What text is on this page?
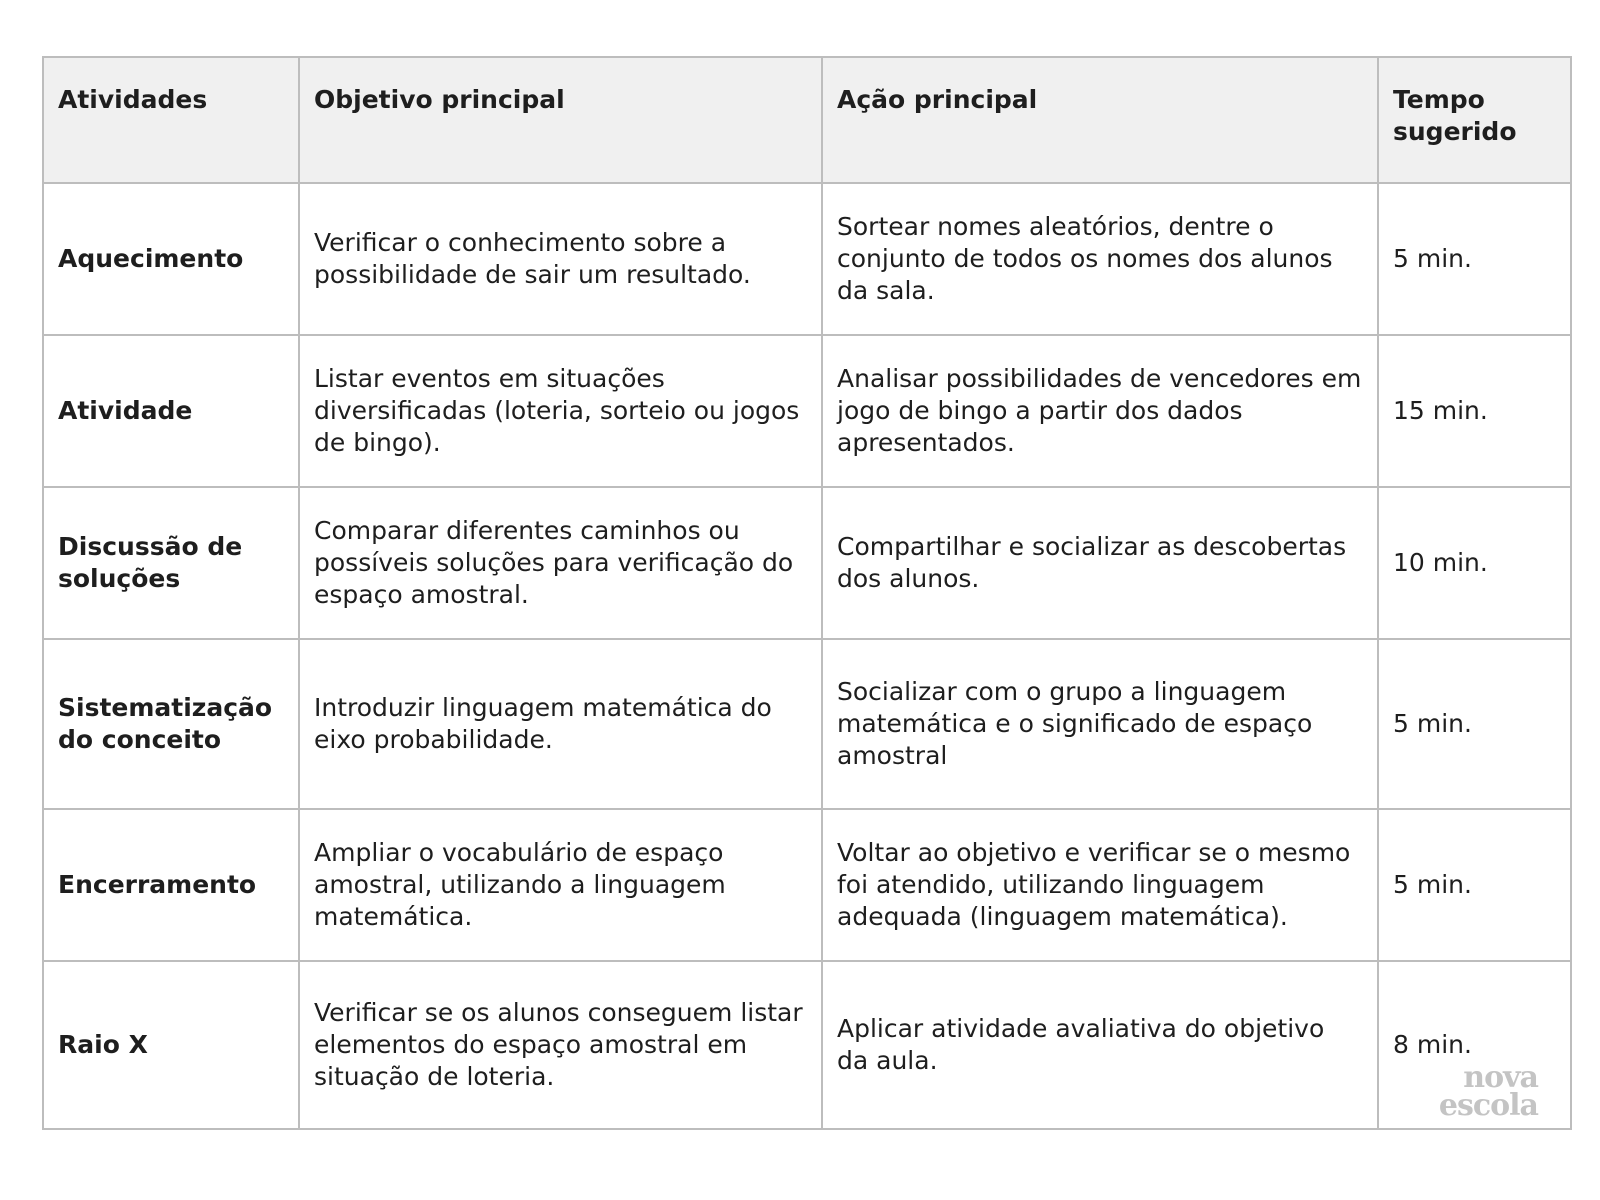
Atividades	Objetivo principal	Ação principal	Tempo sugerido
Aquecimento	Verificar o conhecimento sobre a possibilidade de sair um resultado.	Sortear nomes aleatórios, dentre o conjunto de todos os nomes dos alunos da sala.	5 min.
Atividade	Listar eventos em situações diversificadas (loteria, sorteio ou jogos de bingo).	Analisar possibilidades de vencedores em jogo de bingo a partir dos dados apresentados.	15 min.
Discussão de soluções	Comparar diferentes caminhos ou possíveis soluções para verificação do espaço amostral.	Compartilhar e socializar as descobertas dos alunos.	10 min.
Sistematização do conceito	Introduzir linguagem matemática do eixo probabilidade.	Socializar com o grupo a linguagem matemática e o significado de espaço amostral	5 min.
Encerramento	Ampliar o vocabulário de espaço amostral, utilizando a linguagem matemática.	Voltar ao objetivo e verificar se o mesmo foi atendido, utilizando linguagem adequada (linguagem matemática).	5 min.
Raio X	Verificar se os alunos conseguem listar elementos do espaço amostral em situação de loteria.	Aplicar atividade avaliativa do objetivo da aula.	8 min.
nova
escola
